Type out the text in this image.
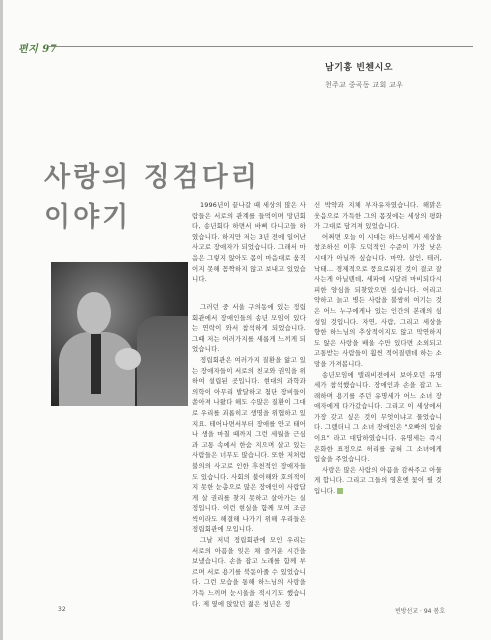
편지 97
남기홍 빈첸시오
천주교 중곡동 교회 교우
사랑의 징검다리
이야기	1996년이 끝나갈 때 세상의 많은 사람들은 서로의 관계를 들먹이며 망년회다, 송년회다 하면서 바삐 다니고들 하였습니다. 하지만 저는 3년 전에 일어난 사고로 장애자가 되었습니다. 그래서 마음은 그렇지 않아도 몸이 마음대로 움직이지 못해 꼼짝하지 않고 보내고 있었습니다.

그러던 중 서울 구의동에 있는 정립회관에서 장애인들의 송년 모임이 있다는 연락이 와서 참석하게 되었습니다. 그때 저는 여러가지를 새롭게 느끼게 되었습니다.

정립회관은 여러가지 질환을 앓고 있는 장애자들이 서로의 친교와 권익을 위하여 설립된 곳입니다. 현대의 과학과 의학이 아무리 발달하고 첨단 장비들이 쏟아져 나왔다 해도 수많은 질환이 그대로 우리를 괴롭히고 생명을 위협하고 있지요. 테어나면서부터 장애를 안고 태어나 생을 마칠 때까지 그런 세월을 근심과 고통 속에서 한숨 지으며 살고 있는 사람들은 너무도 많습니다. 또한 저처럼 불의의 사고로 인한 후천적인 장애자들도 있습니다. 사회의 불이해와 호의적이지 못한 눈총으로 많은 장애인이 사람답게 살 권리를 찾지 못하고 살아가는 실정입니다. 이런 현실을 함께 모여 조금씩이라도 해결해 나가기 위해 우리들은 정립회관에 모입니다.

그날 저녁 정립회관에 모인 우리는 서로의 아픔을 잊은 채 즐거운 시간을 보냈습니다. 손을 잡고 노래를 함께 부르며 서로 용기를 북돋아줄 수 있었습니다. 그런 모습을 통해 하느님의 사랑을 가득 느끼며 눈시울을 적시기도 했습니다. 제 옆에 앉았던 젊은 청년은 정

신 박약과 지체 부자유자였습니다. 해맑은 웃음으로 가득한 그의 몸짓에는 세상의 평화가 그대로 담겨져 있었습니다.

어쩌면 오늘 이 시대는 하느님께서 세상을 창조하신 이후 도덕적인 수준이 가장 낮은 시대가 아닐까 싶습니다. 마약, 살인, 테러, 낙태… 경제적으로 풍요로워진 것이 결코 잘 사는게 아닐텐데, 세파에 시달려 마비되다시피한 양심을 되찾았으면 싶습니다. 어리고 약하고 늙고 병든 사람을 불쌍히 여기는 것은 어느 누구에게나 있는 인간의 본래의 심성일 것입니다. 자연, 사람, 그리고 세상을 향한 하느님의 추상적이지도 않고 막연하지도 않은 사랑을 배울 수만 있다면 소외되고 고통받는 사람들이 훨씬 적어질텐데 하는 소망을 가져봅니다.

송년모임에 탤리비전에서 보아오던 유명세가 참석했습니다. 장애인과 손을 잡고 노래하며 용기를 주던 유명세가 어느 소녀 장애자에게 다가갔습니다. 그리고 이 세상에서 가장 갖고 싶은 것이 무엇이냐고 물었습니다. 그랬더니 그 소녀 장애인은 "오빠의 입술이요" 라고 대답하였습니다. 유명세는 즉시 온화한 표정으로 허리를 굽혀 그 소녀에게 입술을 주었습니다.

사랑은 많은 사람의 아픔을 감싸주고 아물게 합니다. 그리고 그들의 영혼엔 꽃이 필 것입니다.

32	빈방선교 · 94 봄호
